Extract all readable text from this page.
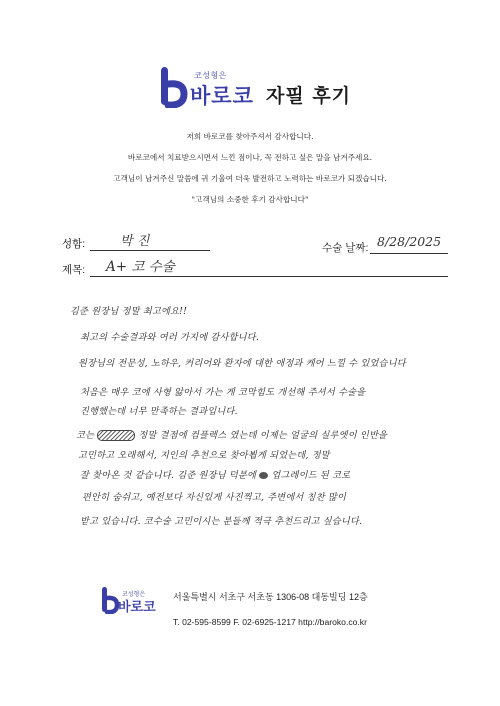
코성형은
바로코 자필 후기
저희 바로코를 찾아주셔서 감사합니다.
바로코에서 치료받으시면서 느낀 점이나, 꼭 전하고 싶은 말을 남겨주세요.
고객님이 남겨주신 말씀에 귀 기울여 더욱 발전하고 노력하는 바로코가 되겠습니다.
"고객님의 소중한 후기 감사합니다"
성함:	박 진	수술 날짜: 8/28/2025
제목: A+ 코 수술
김준 원장님 정말 최고에요!!
최고의 수술결과와 여러 가지에 감사합니다.
원장님의 전문성, 노하우, 커리어와 환자에 대한 애정과 케어 느낄 수 있었습니다
처음은 매우 코에 사형 앓아서 가는 게 코막힘도 개선해 주셔서 수술을
진행했는데 너무 만족하는 결과입니다.
코는	정말 결점에 컴플렉스 였는데 이제는 얼굴의 실루엣이 인반을
고민하고 오래해서, 지인의 추천으로 찾아뵙게 되었는데, 정말
잘 찾아온 것 같습니다. 김준 원장님 덕분에 업그레이드 된 코로
편안히 숨쉬고, 예전보다 자신있게 사진찍고, 주변에서 칭찬 많이
받고 있습니다. 코수술 고민이시는 분들께 적극 추천드리고 싶습니다.
코성형은
바로코
서울특별시 서초구 서초동 1306-08 대동빌딩 12층
T. 02-595-8599 F. 02-6925-1217 http://baroko.co.kr
